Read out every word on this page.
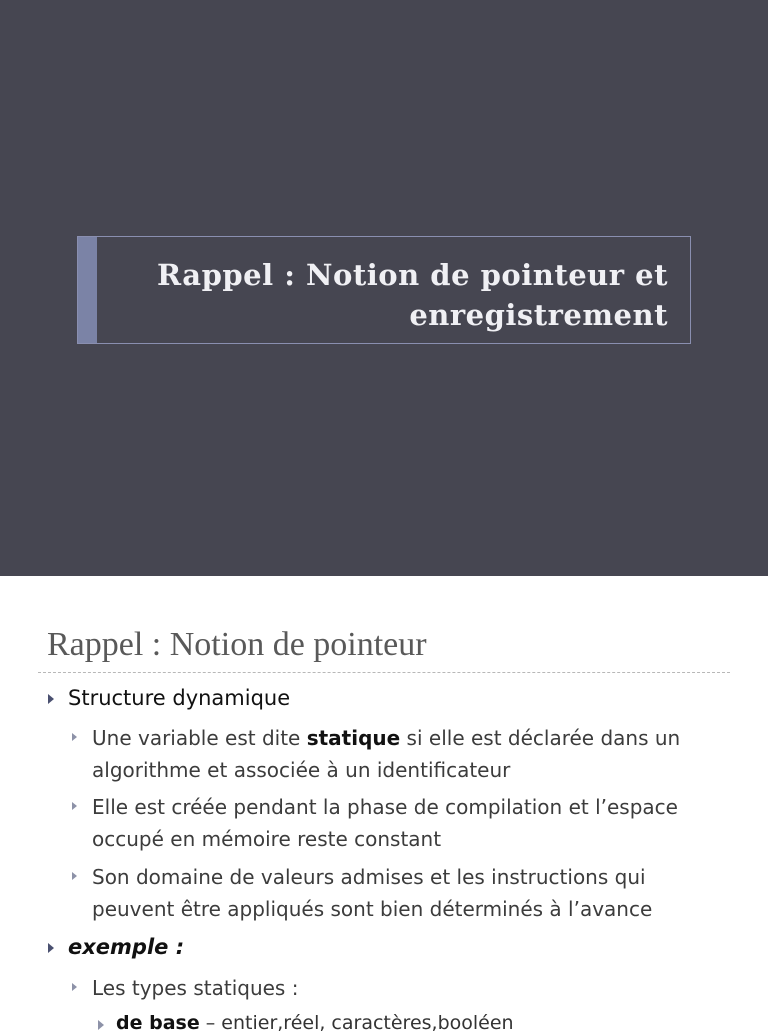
Rappel : Notion de pointeur et
enregistrement
Rappel : Notion de pointeur
Structure dynamique
Une variable est dite statique si elle est déclarée dans un algorithme et associée à un identificateur
Elle est créée pendant la phase de compilation et l’espace occupé en mémoire reste constant
Son domaine de valeurs admises et les instructions qui peuvent être appliqués sont bien déterminés à l’avance
exemple :
Les types statiques :
de base – entier,réel, caractères,booléen
